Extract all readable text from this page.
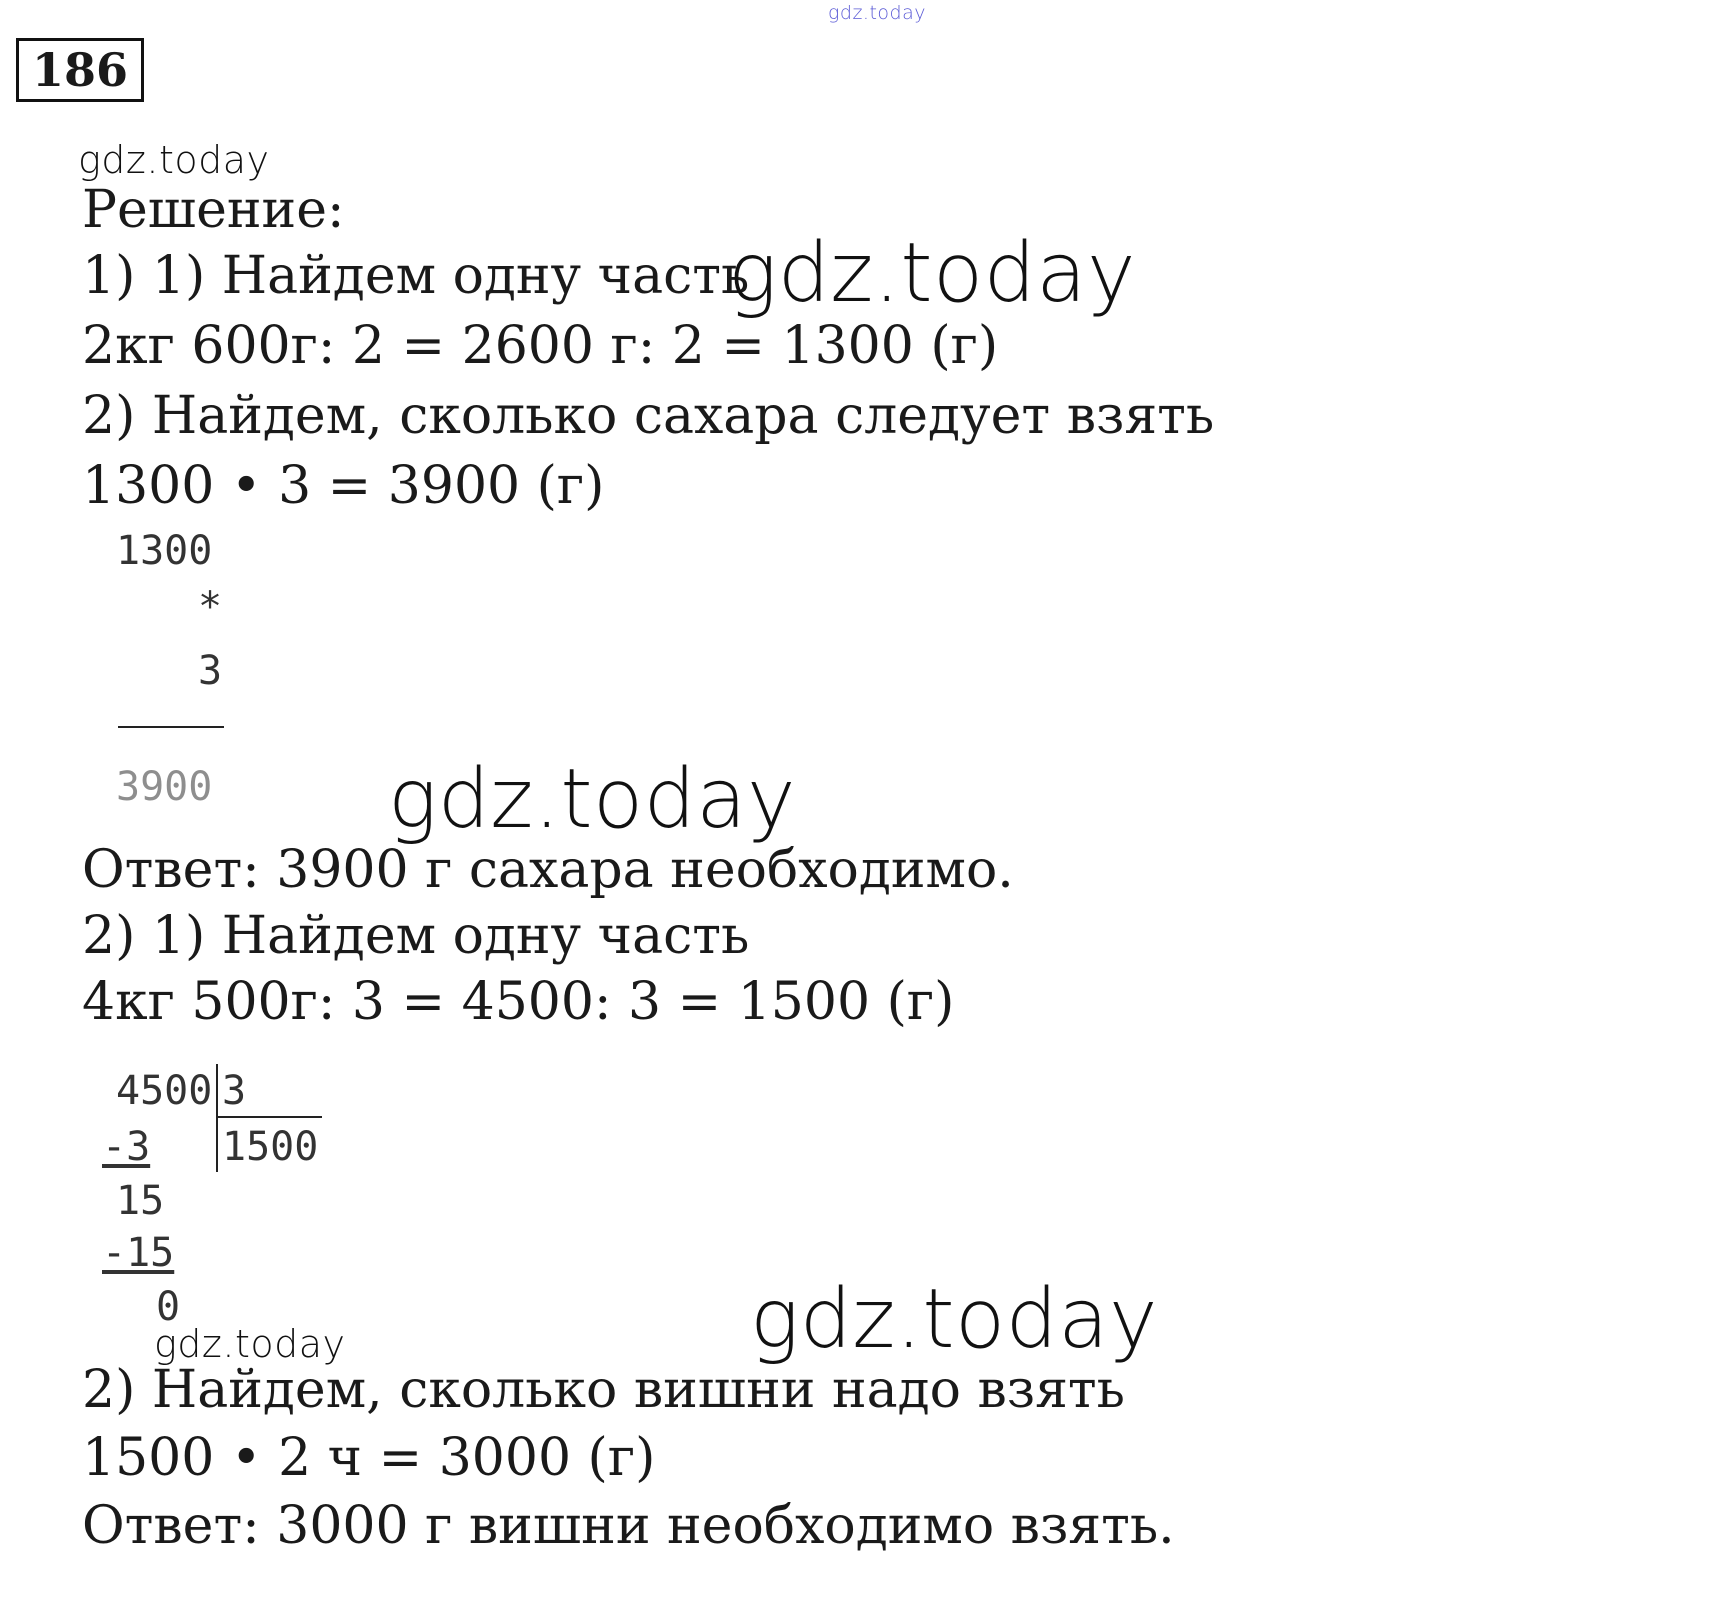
gdz.today
186
gdz.today
Решение:
1) 1) Найдем одну часть
gdz.today
2кг 600г: 2 = 2600 г: 2 = 1300 (г)
2) Найдем, сколько сахара следует взять
1300 • 3 = 3900 (г)
1300
*
3
3900 gdz.today
Ответ: 3900 г сахара необходимо.
2) 1) Найдем одну часть
4кг 500г: 3 = 4500: 3 = 1500 (г)
4500 3
1500
-3
15
-15
0	gdz.today
gdz.today
2) Найдем, сколько вишни надо взять
1500 • 2 ч = 3000 (г)
Ответ: 3000 г вишни необходимо взять.
